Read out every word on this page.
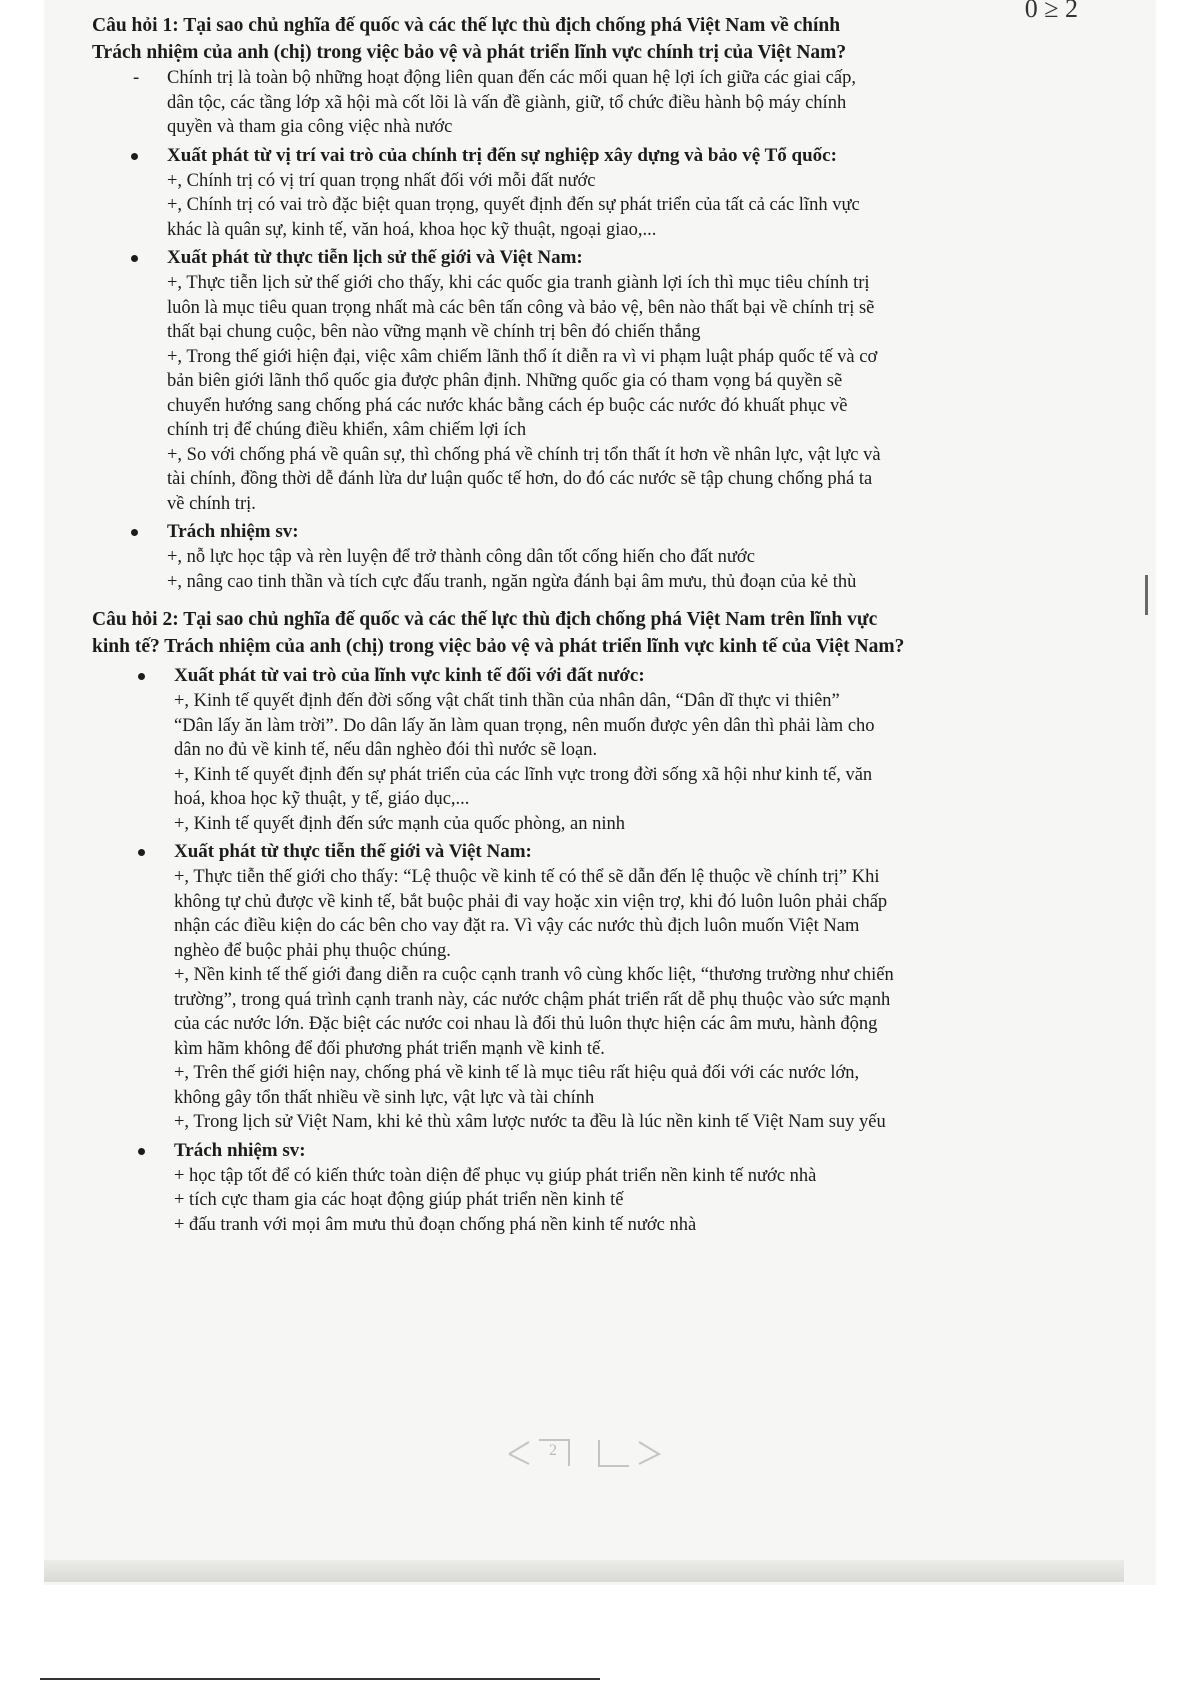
0 ≥ 2

Câu hỏi 1: Tại sao chủ nghĩa đế quốc và các thế lực thù địch chống phá Việt Nam về chính
Trách nhiệm của anh (chị) trong việc bảo vệ và phát triển lĩnh vực chính trị của Việt Nam?

- Chính trị là toàn bộ những hoạt động liên quan đến các mối quan hệ lợi ích giữa các giai cấp,
dân tộc, các tầng lớp xã hội mà cốt lõi là vấn đề giành, giữ, tổ chức điều hành bộ máy chính
quyền và tham gia công việc nhà nước
Xuất phát từ vị trí vai trò của chính trị đến sự nghiệp xây dựng và bảo vệ Tổ quốc:
+, Chính trị có vị trí quan trọng nhất đối với mỗi đất nước
+, Chính trị có vai trò đặc biệt quan trọng, quyết định đến sự phát triển của tất cả các lĩnh vực
khác là quân sự, kinh tế, văn hoá, khoa học kỹ thuật, ngoại giao,...
Xuất phát từ thực tiễn lịch sử thế giới và Việt Nam:
+, Thực tiễn lịch sử thế giới cho thấy, khi các quốc gia tranh giành lợi ích thì mục tiêu chính trị
luôn là mục tiêu quan trọng nhất mà các bên tấn công và bảo vệ, bên nào thất bại về chính trị sẽ
thất bại chung cuộc, bên nào vững mạnh về chính trị bên đó chiến thắng
+, Trong thế giới hiện đại, việc xâm chiếm lãnh thổ ít diễn ra vì vi phạm luật pháp quốc tế và cơ
bản biên giới lãnh thổ quốc gia được phân định. Những quốc gia có tham vọng bá quyền sẽ
chuyển hướng sang chống phá các nước khác bằng cách ép buộc các nước đó khuất phục về
chính trị để chúng điều khiển, xâm chiếm lợi ích
+, So với chống phá về quân sự, thì chống phá về chính trị tổn thất ít hơn về nhân lực, vật lực và
tài chính, đồng thời dễ đánh lừa dư luận quốc tế hơn, do đó các nước sẽ tập chung chống phá ta
về chính trị.
Trách nhiệm sv:
+, nỗ lực học tập và rèn luyện để trở thành công dân tốt cống hiến cho đất nước
+, nâng cao tinh thần và tích cực đấu tranh, ngăn ngừa đánh bại âm mưu, thủ đoạn của kẻ thù

Câu hỏi 2: Tại sao chủ nghĩa đế quốc và các thế lực thù địch chống phá Việt Nam trên lĩnh vực
kinh tế? Trách nhiệm của anh (chị) trong việc bảo vệ và phát triển lĩnh vực kinh tế của Việt Nam?

Xuất phát từ vai trò của lĩnh vực kinh tế đối với đất nước:
+, Kinh tế quyết định đến đời sống vật chất tinh thần của nhân dân, “Dân dĩ thực vi thiên”
“Dân lấy ăn làm trời”. Do dân lấy ăn làm quan trọng, nên muốn được yên dân thì phải làm cho
dân no đủ về kinh tế, nếu dân nghèo đói thì nước sẽ loạn.
+, Kinh tế quyết định đến sự phát triển của các lĩnh vực trong đời sống xã hội như kinh tế, văn
hoá, khoa học kỹ thuật, y tế, giáo dục,...
+, Kinh tế quyết định đến sức mạnh của quốc phòng, an ninh
Xuất phát từ thực tiễn thế giới và Việt Nam:
+, Thực tiễn thế giới cho thấy: “Lệ thuộc về kinh tế có thể sẽ dẫn đến lệ thuộc về chính trị” Khi
không tự chủ được về kinh tế, bắt buộc phải đi vay hoặc xin viện trợ, khi đó luôn luôn phải chấp
nhận các điều kiện do các bên cho vay đặt ra. Vì vậy các nước thù địch luôn muốn Việt Nam
nghèo để buộc phải phụ thuộc chúng.
+, Nền kinh tế thế giới đang diễn ra cuộc cạnh tranh vô cùng khốc liệt, “thương trường như chiến
trường”, trong quá trình cạnh tranh này, các nước chậm phát triển rất dễ phụ thuộc vào sức mạnh
của các nước lớn. Đặc biệt các nước coi nhau là đối thủ luôn thực hiện các âm mưu, hành động
kìm hãm không để đối phương phát triển mạnh về kinh tế.
+, Trên thế giới hiện nay, chống phá về kinh tế là mục tiêu rất hiệu quả đối với các nước lớn,
không gây tổn thất nhiều về sinh lực, vật lực và tài chính
+, Trong lịch sử Việt Nam, khi kẻ thù xâm lược nước ta đều là lúc nền kinh tế Việt Nam suy yếu
Trách nhiệm sv:
+ học tập tốt để có kiến thức toàn diện để phục vụ giúp phát triển nền kinh tế nước nhà
+ tích cực tham gia các hoạt động giúp phát triển nền kinh tế
+ đấu tranh với mọi âm mưu thủ đoạn chống phá nền kinh tế nước nhà
2
